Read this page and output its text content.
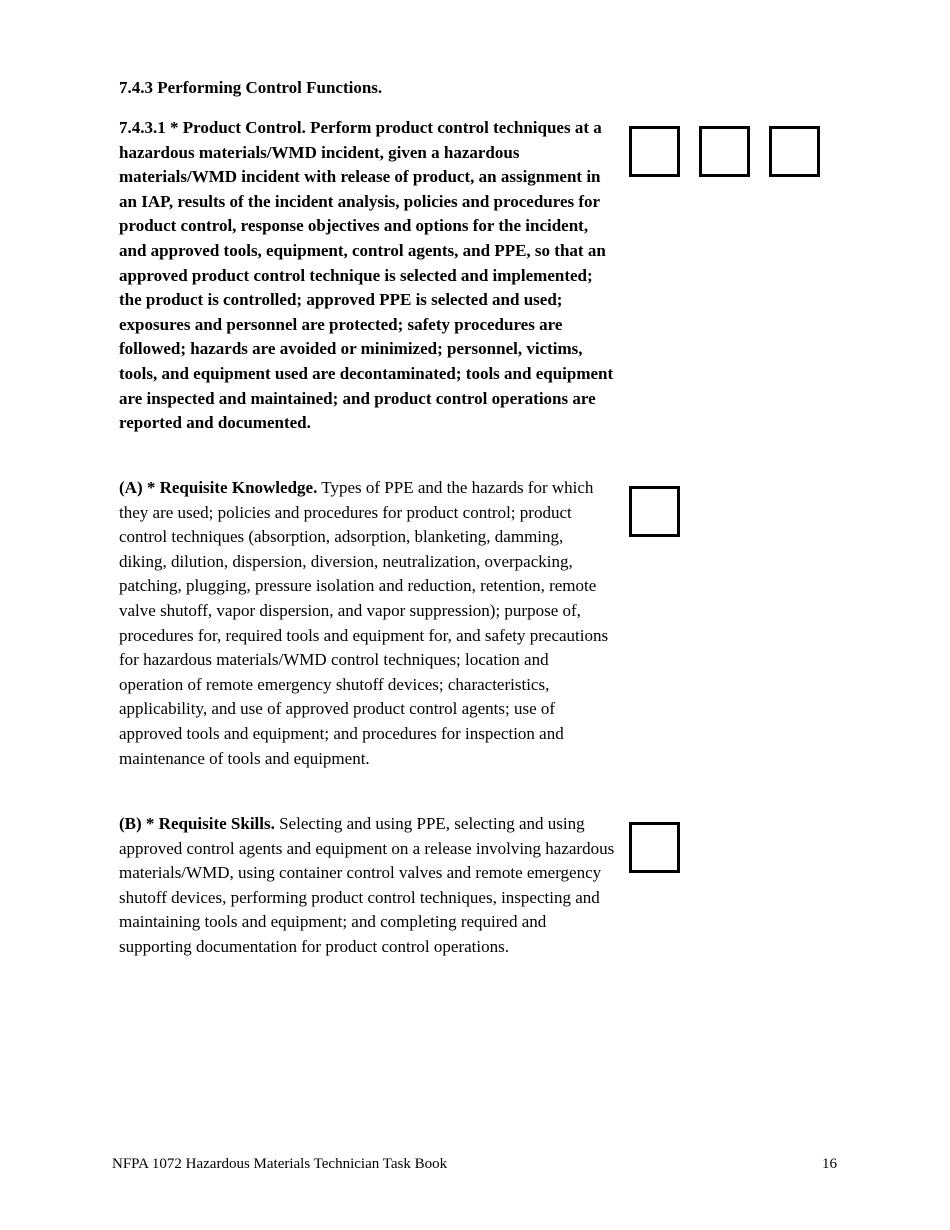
7.4.3 Performing Control Functions.

7.4.3.1 * Product Control. Perform product control techniques at a hazardous materials/WMD incident, given a hazardous materials/WMD incident with release of product, an assignment in an IAP, results of the incident analysis, policies and procedures for product control, response objectives and options for the incident, and approved tools, equipment, control agents, and PPE, so that an approved product control technique is selected and implemented; the product is controlled; approved PPE is selected and used; exposures and personnel are protected; safety procedures are followed; hazards are avoided or minimized; personnel, victims, tools, and equipment used are decontaminated; tools and equipment are inspected and maintained; and product control operations are reported and documented.

(A) * Requisite Knowledge. Types of PPE and the hazards for which they are used; policies and procedures for product control; product control techniques (absorption, adsorption, blanketing, damming, diking, dilution, dispersion, diversion, neutralization, overpacking, patching, plugging, pressure isolation and reduction, retention, remote valve shutoff, vapor dispersion, and vapor suppression); purpose of, procedures for, required tools and equipment for, and safety precautions for hazardous materials/WMD control techniques; location and operation of remote emergency shutoff devices; characteristics, applicability, and use of approved product control agents; use of approved tools and equipment; and procedures for inspection and maintenance of tools and equipment.

(B) * Requisite Skills. Selecting and using PPE, selecting and using approved control agents and equipment on a release involving hazardous materials/WMD, using container control valves and remote emergency shutoff devices, performing product control techniques, inspecting and maintaining tools and equipment; and completing required and supporting documentation for product control operations.

NFPA 1072 Hazardous Materials Technician Task Book	16
